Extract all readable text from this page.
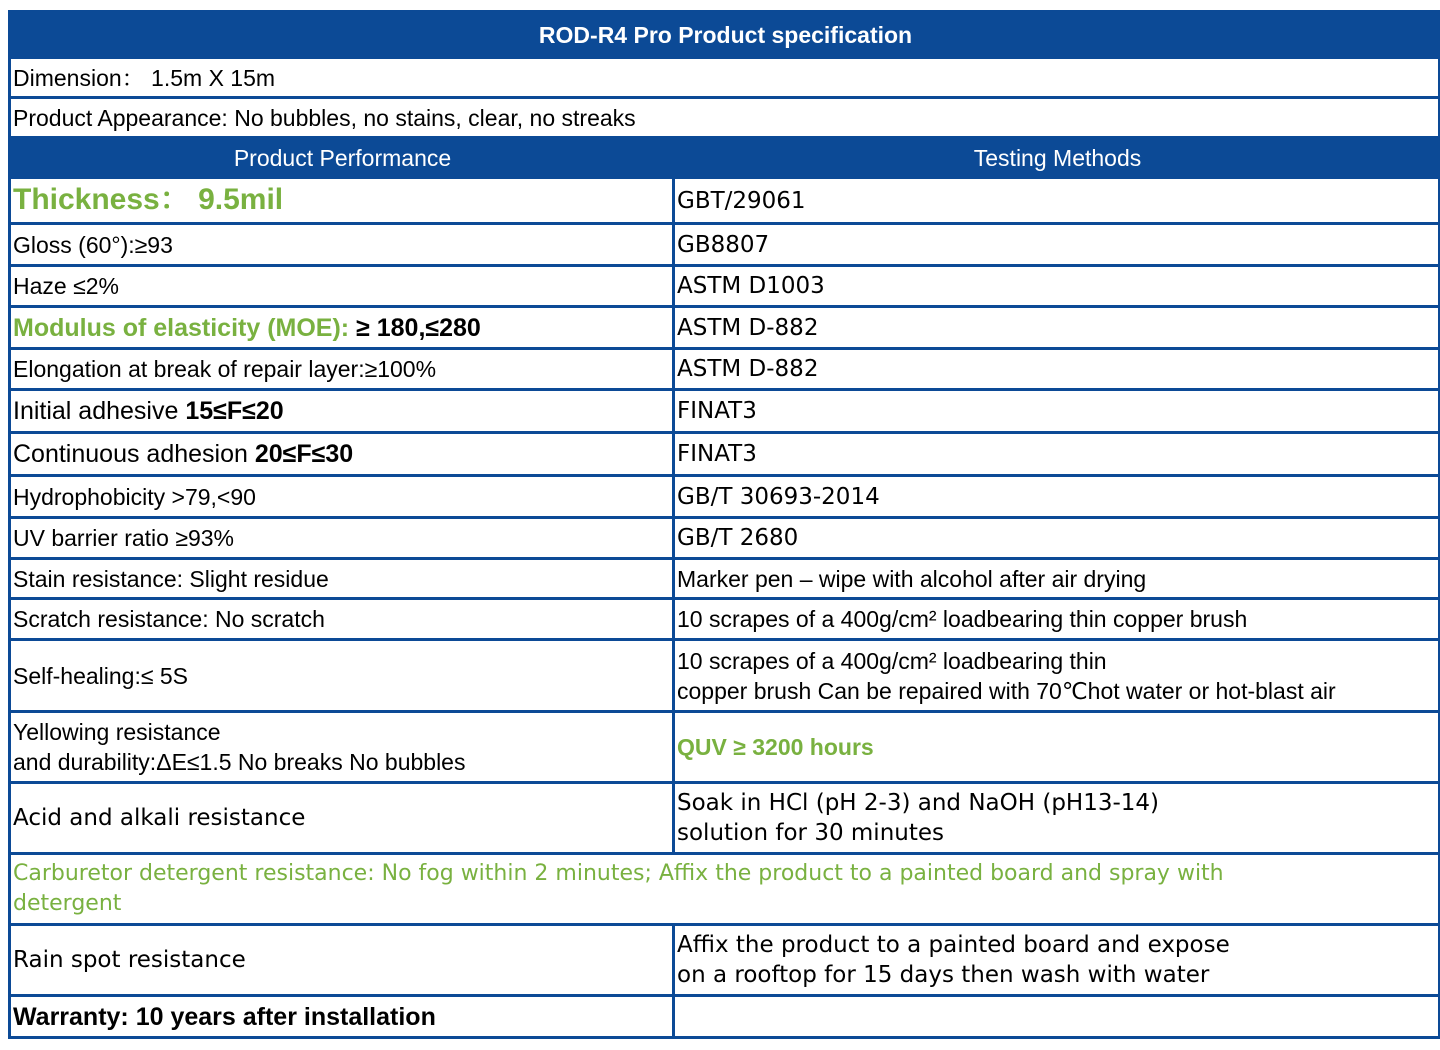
ROD-R4 Pro Product specification	
Dimension： 1.5m X 15m	
Product Appearance: No bubbles, no stains, clear, no streaks	
Product Performance	Testing Methods
Thickness： 9.5mil	GBT/29061
Gloss (60°):≥93	GB8807
Haze ≤2%	ASTM D1003
Modulus of elasticity (MOE): ≥ 180,≤280	ASTM D-882
Elongation at break of repair layer:≥100%	ASTM D-882
Initial adhesive 15≤F≤20	FINAT3
Continuous adhesion 20≤F≤30	FINAT3
Hydrophobicity >79,<90	GB/T 30693-2014
UV barrier ratio ≥93%	GB/T 2680
Stain resistance: Slight residue	Marker pen – wipe with alcohol after air drying
Scratch resistance: No scratch	10 scrapes of a 400g/cm² loadbearing thin copper brush
Self-healing:≤ 5S	10 scrapes of a 400g/cm² loadbearing thin
copper brush Can be repaired with 70℃hot water or hot-blast air

Yellowing resistance
and durability:ΔE≤1.5 No breaks No bubbles	QUV ≥ 3200 hours
Acid and alkali resistance	Soak in HCl (pH 2-3) and NaOH (pH13-14)
solution for 30 minutes

Carburetor detergent resistance: No fog within 2 minutes; Affix the product to a painted board and spray with
detergent	

Rain spot resistance	Affix the product to a painted board and expose
on a rooftop for 15 days then wash with water

Warranty: 10 years after installation	
